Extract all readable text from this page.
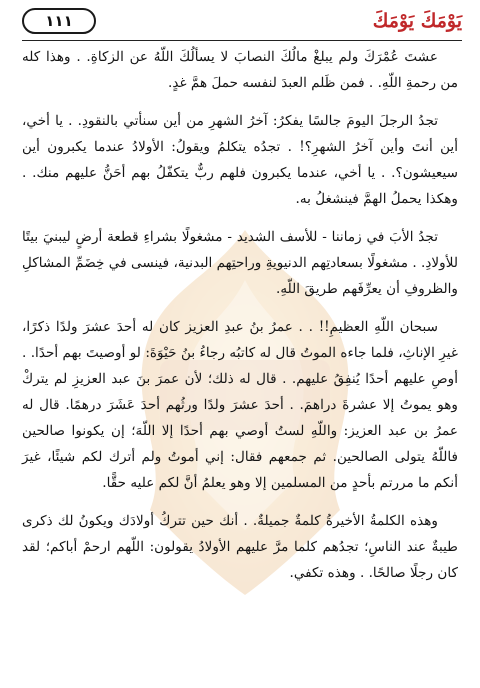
١١١	يَوْمَكَ يَوْمَكَ

عشتَ عُمْرَكَ ولم يبلغْ مالُكَ النصابَ لا يسألُكَ اللّهُ عن الزكاةِ. . وهذا كله من رحمةِ اللّهِ. . فمن ظَلم العبدَ لنفسه حملَ همَّ غدٍ.

تجدُ الرجلَ اليومَ جالسًا يفكرُ: آخرُ الشهرِ من أين سنأتي بالنقودِ. . يا أخي، أين أنتَ وأين آخرُ الشهرِ؟! . تجدُه يتكلمُ ويقولُ: الأولادُ عندما يكبرون أين سيعيشون؟. . يا أخي، عندما يكبرون فلهم ربٌّ يتكفّلُ بهم أحَنُّ عليهم منك. . وهكذا يحملُ الهمَّ فينشغلُ به.

تجدُ الأبَ في زماننا - للأسف الشديد - مشغولًا بشراءِ قطعة أرضٍ ليبنيَ بيتًا للأولادِ. . مشغولًا بسعادتِهم الدنيويةِ وراحتِهم البدنية، فينسى في خِضَمِّ المشاكلِ والظروفِ أن يعرِّفَهم طريقَ اللّهِ.

سبحان اللّهِ العظيمِ!! . . عمرُ بنُ عبدِ العزيز كان له أحدَ عشرَ ولدًا ذكرًا، غيرِ الإناثِ، فلما جاءه الموتُ قال له كاتبُه رجاءُ بنُ حَيْوَةَ: لو أوصيتَ بهم أحدًا. . أوصِ عليهم أحدًا يُنفِقُ عليهم. . قال له ذلك؛ لأن عمرَ بنَ عبد العزيزِ لم يتركْ وهو يموتُ إلا عشرةَ دراهمَ. . أحدَ عشرَ ولدًا ورثُهم أحدَ عَشَرَ درهمًا. قال له عمرُ بن عبد العزيز: واللّهِ لستُ أوصي بهم أحدًا إلا اللّهَ؛ إن يكونوا صالحين فاللّهُ يتولى الصالحين. ثم جمعهم فقال: إني أموتُ ولم أترك لكم شيئًا، غيرَ أنكم ما مررتم بأحدٍ من المسلمين إلا وهو يعلمُ أنَّ لكم عليه حقًّا.

وهذه الكلمةُ الأخيرةُ كلمةٌ جميلةٌ. . أنك حين تتركُ أولادَك ويكونُ لك ذكرى طيبةٌ عند الناسِ؛ تجدُهم كلما مرَّ عليهم الأولادُ يقولون: اللّهم ارحمْ أباكم؛ لقد كان رجلًا صالحًا. . وهذه تكفي.
